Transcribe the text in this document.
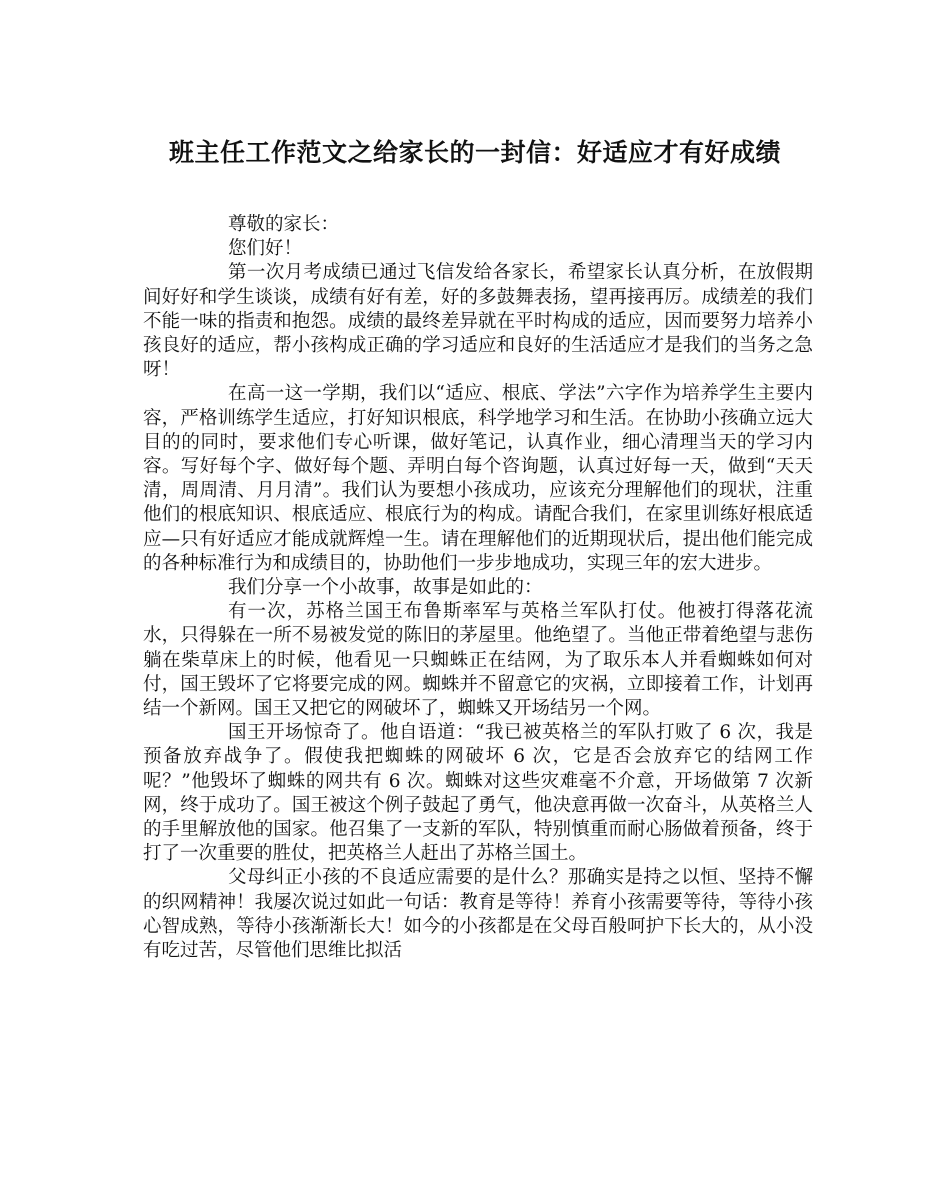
班主任工作范文之给家长的一封信：好适应才有好成绩

尊敬的家长：

您们好！

第一次月考成绩已通过飞信发给各家长，希望家长认真分析，在放假期间好好和学生谈谈，成绩有好有差，好的多鼓舞表扬，望再接再厉。成绩差的我们不能一味的指责和抱怨。成绩的最终差异就在平时构成的适应，因而要努力培养小孩良好的适应，帮小孩构成正确的学习适应和良好的生活适应才是我们的当务之急呀！

在高一这一学期，我们以“适应、根底、学法”六字作为培养学生主要内容，严格训练学生适应，打好知识根底，科学地学习和生活。在协助小孩确立远大目的的同时，要求他们专心听课，做好笔记，认真作业，细心清理当天的学习内容。写好每个字、做好每个题、弄明白每个咨询题，认真过好每一天，做到“天天清，周周清、月月清”。我们认为要想小孩成功，应该充分理解他们的现状，注重他们的根底知识、根底适应、根底行为的构成。请配合我们，在家里训练好根底适应—只有好适应才能成就辉煌一生。请在理解他们的近期现状后，提出他们能完成的各种标准行为和成绩目的，协助他们一步步地成功，实现三年的宏大进步。

我们分享一个小故事，故事是如此的：

有一次，苏格兰国王布鲁斯率军与英格兰军队打仗。他被打得落花流水，只得躲在一所不易被发觉的陈旧的茅屋里。他绝望了。当他正带着绝望与悲伤躺在柴草床上的时候，他看见一只蜘蛛正在结网，为了取乐本人并看蜘蛛如何对付，国王毁坏了它将要完成的网。蜘蛛并不留意它的灾祸，立即接着工作，计划再结一个新网。国王又把它的网破坏了，蜘蛛又开场结另一个网。

国王开场惊奇了。他自语道：“我已被英格兰的军队打败了 6 次，我是预备放弃战争了。假使我把蜘蛛的网破坏 6 次，它是否会放弃它的结网工作呢？”他毁坏了蜘蛛的网共有 6 次。蜘蛛对这些灾难毫不介意，开场做第 7 次新网，终于成功了。国王被这个例子鼓起了勇气，他决意再做一次奋斗，从英格兰人的手里解放他的国家。他召集了一支新的军队，特别慎重而耐心肠做着预备，终于打了一次重要的胜仗，把英格兰人赶出了苏格兰国土。

父母纠正小孩的不良适应需要的是什么？那确实是持之以恒、坚持不懈的织网精神！我屡次说过如此一句话：教育是等待！养育小孩需要等待，等待小孩心智成熟，等待小孩渐渐长大！如今的小孩都是在父母百般呵护下长大的，从小没有吃过苦，尽管他们思维比拟活
